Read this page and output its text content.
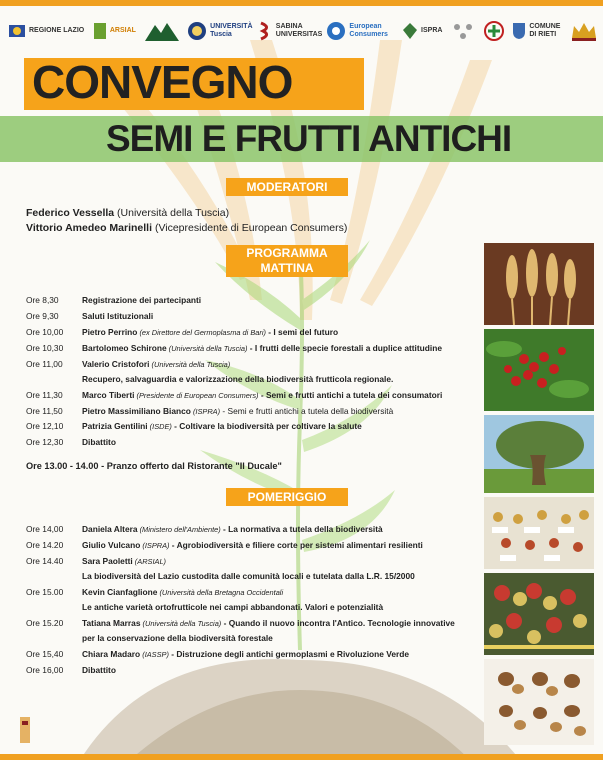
REGIONE LAZIO	ARSIAL
UNIVERSITÀ Tuscia
SABINA UNIVERSITAS
European Consumers
ISPRA
COMUNE DI RIETI
CONVEGNO
SEMI E FRUTTI ANTICHI
MODERATORI
Federico Vessella (Università della Tuscia)
Vittorio Amedeo Marinelli (Vicepresidente di European Consumers)
PROGRAMMA
MATTINA
Ore 8,30	Registrazione dei partecipanti
Ore 9,30	Saluti Istituzionali
Ore 10,00 Pietro Perrino (ex Direttore del Germoplasma di Bari) - I semi del futuro
Ore 10,30 Bartolomeo Schirone (Università della Tuscia) - I frutti delle specie forestali a duplice attitudine
Ore 11,00 Valerio Cristofori (Università della Tuscia)
Recupero, salvaguardia e valorizzazione della biodiversità frutticola regionale.
Ore 11,30 Marco Tiberti (Presidente di European Consumers) - Semi e frutti antichi a tutela dei consumatori
Ore 11,50 Pietro Massimiliano Bianco (ISPRA) - Semi e frutti antichi a tutela della biodiversità
Ore 12,10 Patrizia Gentilini (ISDE) - Coltivare la biodiversità per coltivare la salute
Ore 12,30 Dibattito
Ore 13.00 - 14.00 - Pranzo offerto dal Ristorante "Il Ducale"
POMERIGGIO
Ore 14,00 Daniela Altera (Ministero dell'Ambiente) - La normativa a tutela della biodiversità
Ore 14.20 Giulio Vulcano (ISPRA) - Agrobiodiversità e filiere corte per sistemi alimentari resilienti
Ore 14.40 Sara Paoletti (ARSIAL)
La biodiversità del Lazio custodita dalle comunità locali e tutelata dalla L.R. 15/2000
Ore 15.00 Kevin Cianfaglione (Università della Bretagna Occidentali
Le antiche varietà ortofrutticole nei campi abbandonati. Valori e potenzialità
Ore 15.20 Tatiana Marras (Università della Tuscia) - Quando il nuovo incontra l'Antico. Tecnologie innovative
per la conservazione della biodiversità forestale
Ore 15,40 Chiara Madaro (IASSP) - Distruzione degli antichi germoplasmi e Rivoluzione Verde
Ore 16,00 Dibattito
